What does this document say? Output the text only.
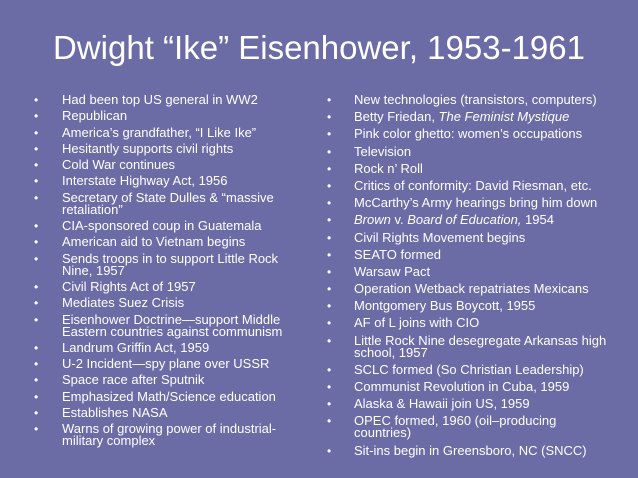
Dwight “Ike” Eisenhower, 1953-1961
• Had been top US general in WW2
• Republican
• America’s grandfather, “I Like Ike”
• Hesitantly supports civil rights
• Cold War continues
• Interstate Highway Act, 1956
• Secretary of State Dulles & “massive retaliation”
• CIA-sponsored coup in Guatemala
• American aid to Vietnam begins
• Sends troops in to support Little Rock Nine, 1957
• Civil Rights Act of 1957
• Mediates Suez Crisis
• Eisenhower Doctrine—support Middle Eastern countries against communism
• Landrum Griffin Act, 1959
• U-2 Incident—spy plane over USSR
• Space race after Sputnik
• Emphasized Math/Science education
• Establishes NASA
• Warns of growing power of industrial-military complex
• New technologies (transistors, computers)
• Betty Friedan, The Feminist Mystique
• Pink color ghetto: women’s occupations
• Television
• Rock n’ Roll
• Critics of conformity: David Riesman, etc.
• McCarthy’s Army hearings bring him down
• Brown v. Board of Education, 1954
• Civil Rights Movement begins
• SEATO formed
• Warsaw Pact
• Operation Wetback repatriates Mexicans
• Montgomery Bus Boycott, 1955
• AF of L joins with CIO
• Little Rock Nine desegregate Arkansas high school, 1957
• SCLC formed (So Christian Leadership)
• Communist Revolution in Cuba, 1959
• Alaska & Hawaii join US, 1959
• OPEC formed, 1960 (oil–producing countries)
• Sit-ins begin in Greensboro, NC (SNCC)
